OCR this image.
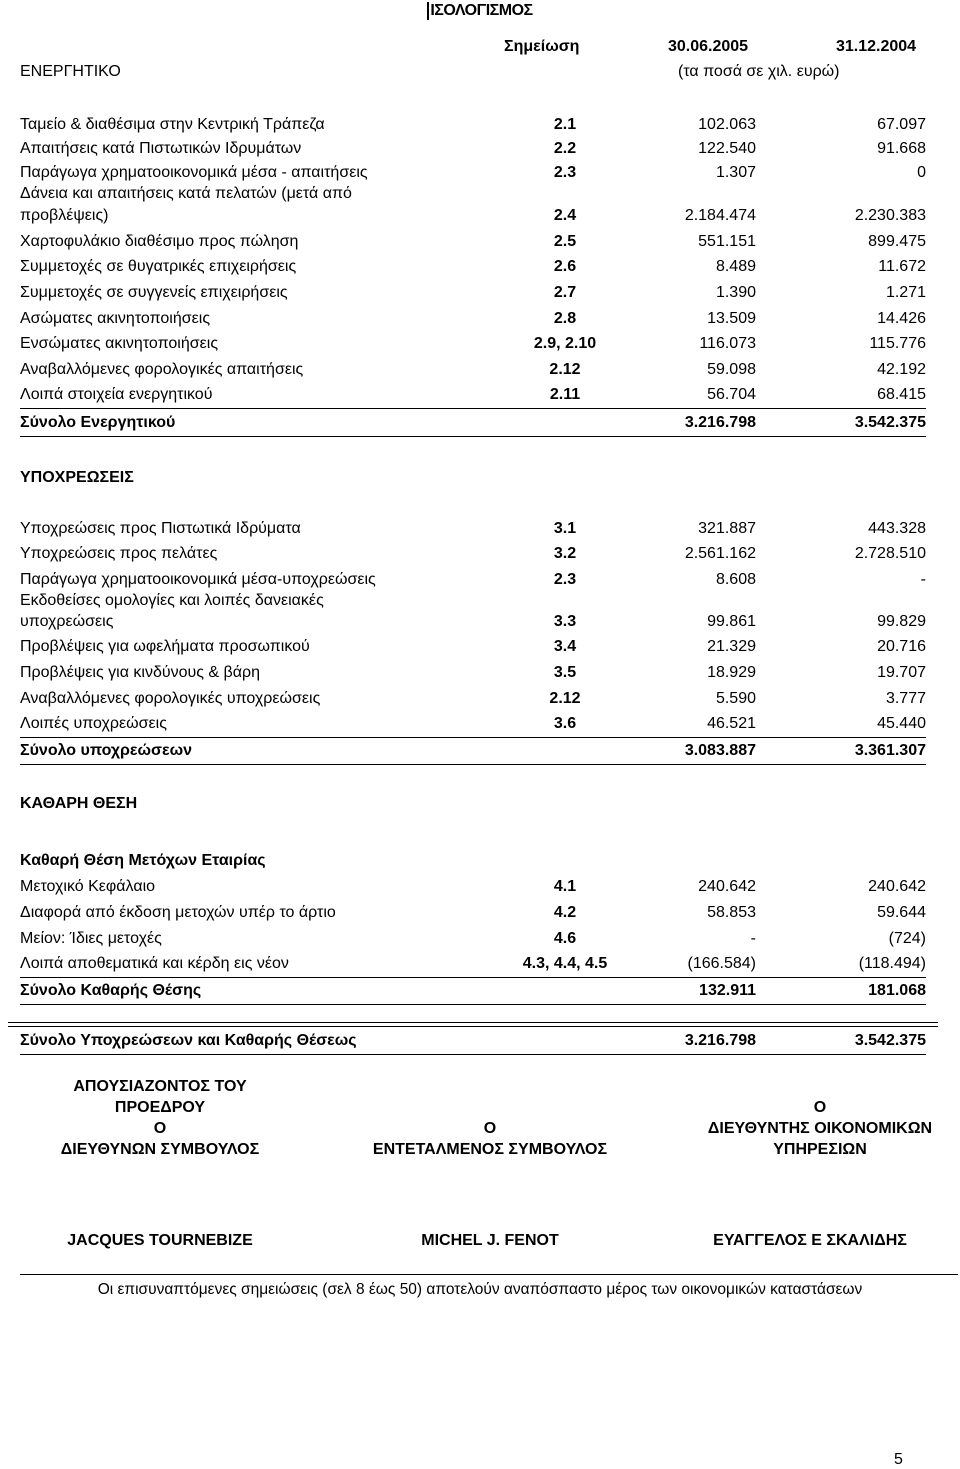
ΙΣΟΛΟΓΙΣΜΟΣ
Σημείωση	30.06.2005	31.12.2004
(τα ποσά σε χιλ. ευρώ)
ΕΝΕΡΓΗΤΙΚΟ
Ταμείο & διαθέσιμα στην Κεντρική Τράπεζα	2.1	102.063	67.097
Απαιτήσεις κατά Πιστωτικών Ιδρυμάτων	2.2	122.540	91.668
Παράγωγα χρηματοοικονομικά μέσα - απαιτήσεις	2.3	1.307	0
Δάνεια και απαιτήσεις κατά πελατών (μετά από
προβλέψεις)	2.4	2.184.474	2.230.383
Χαρτοφυλάκιο διαθέσιμο προς πώληση	2.5	551.151	899.475
Συμμετοχές σε θυγατρικές επιχειρήσεις	2.6	8.489	11.672
Συμμετοχές σε συγγενείς επιχειρήσεις	2.7	1.390	1.271
Ασώματες ακινητοποιήσεις	2.8	13.509	14.426
Ενσώματες ακινητοποιήσεις	2.9, 2.10	116.073	115.776
Αναβαλλόμενες φορολογικές απαιτήσεις	2.12	59.098	42.192
Λοιπά στοιχεία ενεργητικού	2.11	56.704	68.415
Σύνολο Ενεργητικού	3.216.798	3.542.375
ΥΠΟΧΡΕΩΣΕΙΣ
Υποχρεώσεις προς Πιστωτικά Ιδρύματα	3.1	321.887	443.328
Υποχρεώσεις προς πελάτες	3.2	2.561.162	2.728.510
Παράγωγα χρηματοοικονομικά μέσα-υποχρεώσεις	2.3	8.608	-
Εκδοθείσες ομολογίες και λοιπές δανειακές
υποχρεώσεις	3.3	99.861	99.829
Προβλέψεις για ωφελήματα προσωπικού	3.4	21.329	20.716
Προβλέψεις για κινδύνους & βάρη	3.5	18.929	19.707
Αναβαλλόμενες φορολογικές υποχρεώσεις	2.12	5.590	3.777
Λοιπές υποχρεώσεις	3.6	46.521	45.440
Σύνολο υποχρεώσεων	3.083.887	3.361.307
ΚΑΘΑΡΗ ΘΕΣΗ
Καθαρή Θέση Μετόχων Εταιρίας
Μετοχικό Κεφάλαιο	4.1	240.642	240.642
Διαφορά από έκδοση μετοχών υπέρ το άρτιο	4.2	58.853	59.644
Μείον: Ίδιες μετοχές	4.6	-	(724)
Λοιπά αποθεματικά και κέρδη εις νέον	4.3, 4.4, 4.5	(166.584)	(118.494)
Σύνολο Καθαρής Θέσης	132.911	181.068
Σύνολο Υποχρεώσεων και Καθαρής Θέσεως	3.216.798	3.542.375
ΑΠΟΥΣΙΑΖΟΝΤΟΣ ΤΟΥ
ΠΡΟΕΔΡΟΥ
Ο
ΔΙΕΥΘΥΝΩΝ ΣΥΜΒΟΥΛΟΣ
Ο
ΕΝΤΕΤΑΛΜΕΝΟΣ ΣΥΜΒΟΥΛΟΣ
Ο
ΔΙΕΥΘΥΝΤΗΣ ΟΙΚΟΝΟΜΙΚΩΝ
ΥΠΗΡΕΣΙΩΝ
JACQUES TOURNEBIZE	MICHEL J. FENOT	ΕΥΑΓΓΕΛΟΣ Ε ΣΚΑΛΙΔΗΣ
Οι επισυναπτόμενες σημειώσεις (σελ 8 έως 50) αποτελούν αναπόσπαστο μέρος των οικονομικών καταστάσεων
5
